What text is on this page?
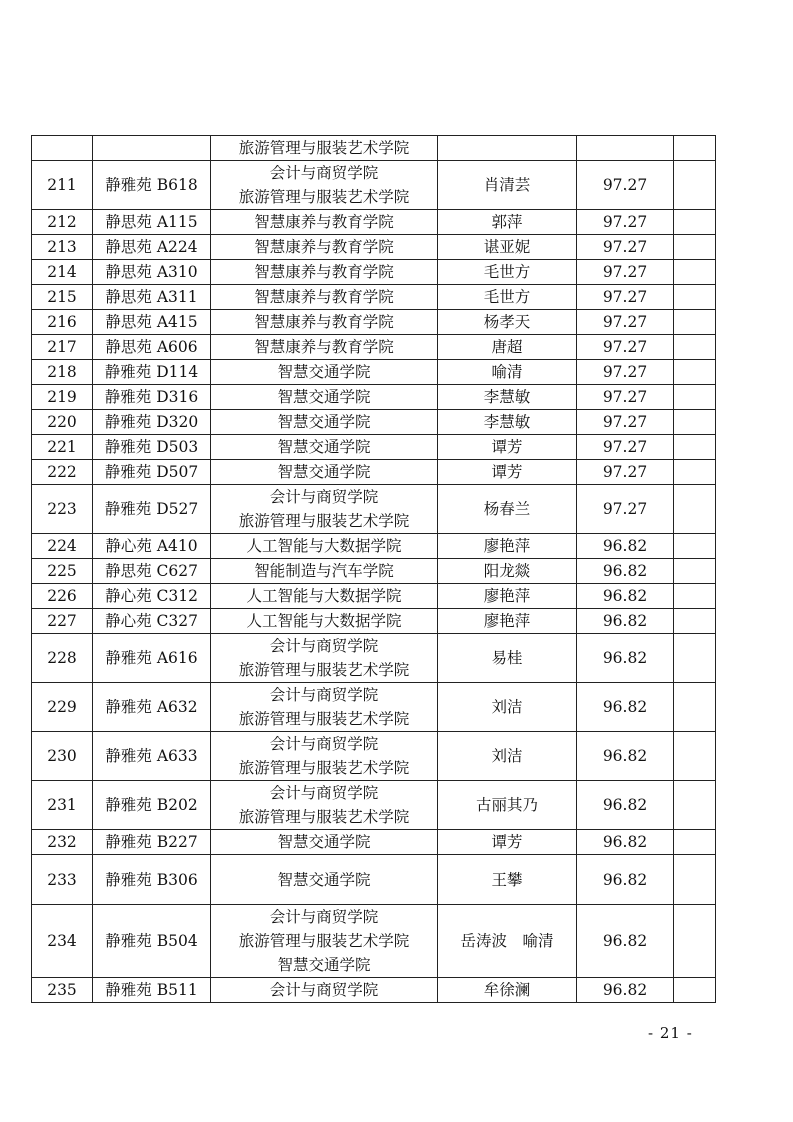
		旅游管理与服装艺术学院			

211	静雅苑 B618	会计与商贸学院
旅游管理与服装艺术学院	肖清芸	97.27	
212	静思苑 A115	智慧康养与教育学院	郭萍	97.27	
213	静思苑 A224	智慧康养与教育学院	谌亚妮	97.27	
214	静思苑 A310	智慧康养与教育学院	毛世方	97.27	
215	静思苑 A311	智慧康养与教育学院	毛世方	97.27	
216	静思苑 A415	智慧康养与教育学院	杨孝天	97.27	
217	静思苑 A606	智慧康养与教育学院	唐超	97.27	
218	静雅苑 D114	智慧交通学院	喻清	97.27	
219	静雅苑 D316	智慧交通学院	李慧敏	97.27	
220	静雅苑 D320	智慧交通学院	李慧敏	97.27	
221	静雅苑 D503	智慧交通学院	谭芳	97.27	
222	静雅苑 D507	智慧交通学院	谭芳	97.27	
223	静雅苑 D527	会计与商贸学院
旅游管理与服装艺术学院	杨春兰	97.27	
224	静心苑 A410	人工智能与大数据学院	廖艳萍	96.82	
225	静思苑 C627	智能制造与汽车学院	阳龙燚	96.82	
226	静心苑 C312	人工智能与大数据学院	廖艳萍	96.82	
227	静心苑 C327	人工智能与大数据学院	廖艳萍	96.82	
228	静雅苑 A616	会计与商贸学院
旅游管理与服装艺术学院	易桂	96.82	
229	静雅苑 A632	会计与商贸学院
旅游管理与服装艺术学院	刘洁	96.82	
230	静雅苑 A633	会计与商贸学院
旅游管理与服装艺术学院	刘洁	96.82	
231	静雅苑 B202	会计与商贸学院
旅游管理与服装艺术学院	古丽其乃	96.82	
232	静雅苑 B227	智慧交通学院	谭芳	96.82	
233	静雅苑 B306	智慧交通学院	王攀	96.82	
234	静雅苑 B504	会计与商贸学院
旅游管理与服装艺术学院
智慧交通学院	岳涛波　喻清	96.82	
235	静雅苑 B511	会计与商贸学院	牟徐澜	96.82	
- 21 -
